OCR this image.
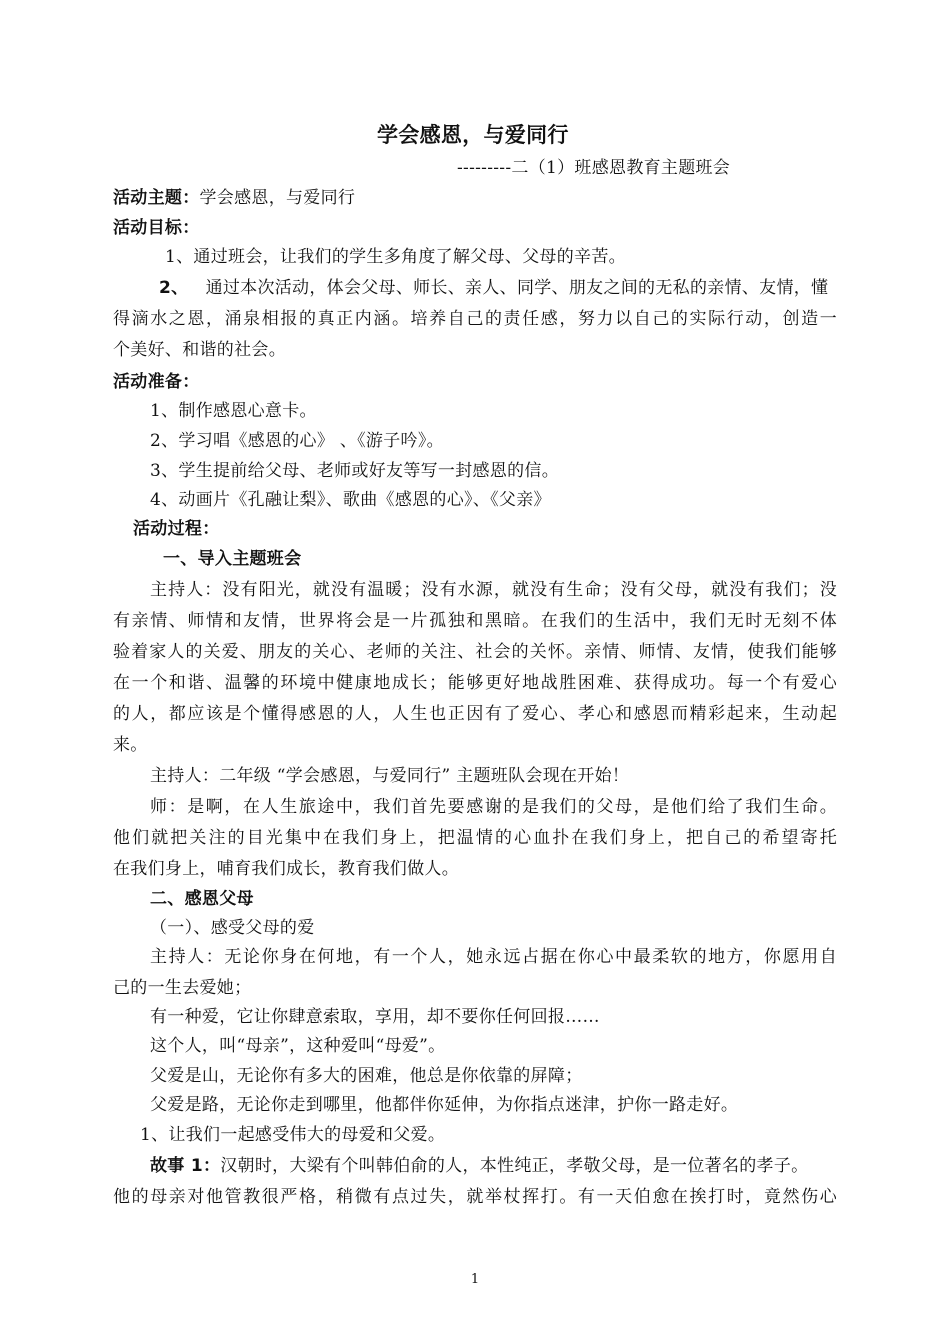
学会感恩，与爱同行
---------二（1）班感恩教育主题班会
活动主题：学会感恩，与爱同行
活动目标：
1、通过班会，让我们的学生多角度了解父母、父母的辛苦。
2、 通过本次活动，体会父母、师长、亲人、同学、朋友之间的无私的亲情、友情，懂
得滴水之恩，涌泉相报的真正内涵。培养自己的责任感，努力以自己的实际行动，创造一
个美好、和谐的社会。
活动准备：
1、制作感恩心意卡。
2、学习唱《感恩的心》 、《游子吟》。
3、学生提前给父母、老师或好友等写一封感恩的信。
4、动画片《孔融让梨》、歌曲《感恩的心》、《父亲》
活动过程：
一、导入主题班会
主持人：没有阳光，就没有温暖；没有水源，就没有生命；没有父母，就没有我们；没
有亲情、师情和友情，世界将会是一片孤独和黑暗。在我们的生活中，我们无时无刻不体
验着家人的关爱、朋友的关心、老师的关注、社会的关怀。亲情、师情、友情，使我们能够
在一个和谐、温馨的环境中健康地成长；能够更好地战胜困难、获得成功。每一个有爱心
的人，都应该是个懂得感恩的人，人生也正因有了爱心、孝心和感恩而精彩起来，生动起
来。
主持人：二年级 “学会感恩，与爱同行” 主题班队会现在开始！
师：是啊，在人生旅途中，我们首先要感谢的是我们的父母，是他们给了我们生命。
他们就把关注的目光集中在我们身上，把温情的心血扑在我们身上，把自己的希望寄托
在我们身上，哺育我们成长，教育我们做人。
二、感恩父母
（一）、感受父母的爱
主持人：无论你身在何地，有一个人，她永远占据在你心中最柔软的地方，你愿用自
己的一生去爱她；
有一种爱，它让你肆意索取，享用，却不要你任何回报……
这个人，叫“母亲”，这种爱叫“母爱”。
父爱是山，无论你有多大的困难，他总是你依靠的屏障；
父爱是路，无论你走到哪里，他都伴你延伸，为你指点迷津，护你一路走好。
1、让我们一起感受伟大的母爱和父爱。
故事 1：汉朝时，大梁有个叫韩伯俞的人，本性纯正，孝敬父母，是一位著名的孝子。
他的母亲对他管教很严格，稍微有点过失，就举杖挥打。有一天伯愈在挨打时，竟然伤心
1
